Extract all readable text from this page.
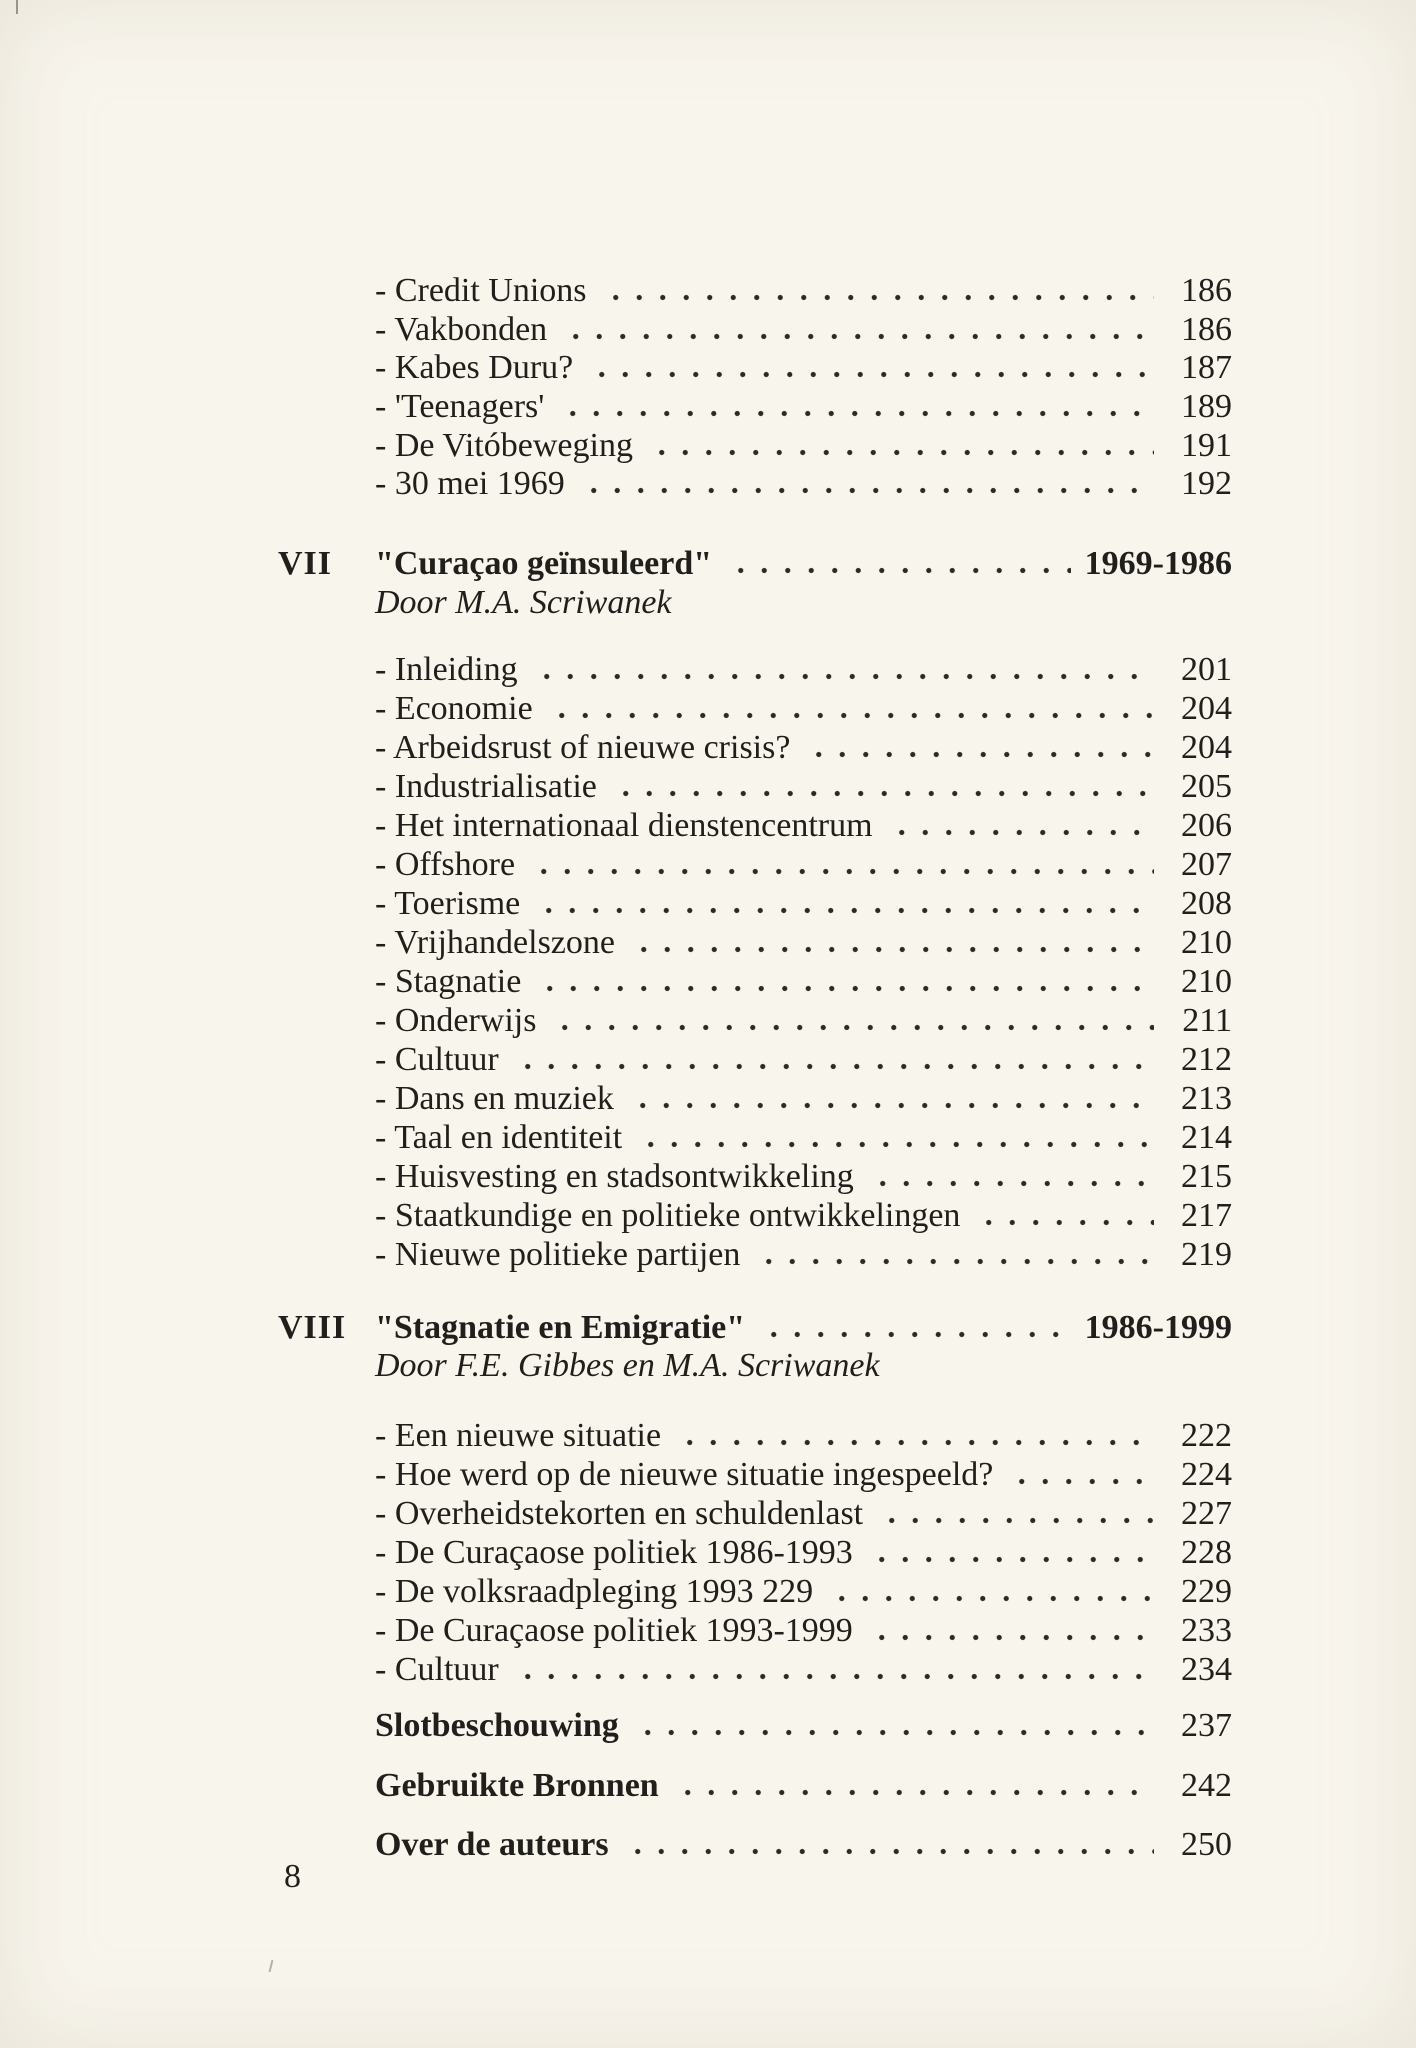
- Credit Unions	186
- Vakbonden	186
- Kabes Duru?	187
- 'Teenagers'	189
- De Vitóbeweging	191
- 30 mei 1969	192
VII	"Curaçao geïnsuleerd"	1969-1986
Door M.A. Scriwanek
- Inleiding	201
- Economie	204
- Arbeidsrust of nieuwe crisis?	204
- Industrialisatie	205
- Het internationaal dienstencentrum	206
- Offshore	207
- Toerisme	208
- Vrijhandelszone	210
- Stagnatie	210
- Onderwijs	211
- Cultuur	212
- Dans en muziek	213
- Taal en identiteit	214
- Huisvesting en stadsontwikkeling	215
- Staatkundige en politieke ontwikkelingen	217
- Nieuwe politieke partijen	219
VIII "Stagnatie en Emigratie"	1986-1999
Door F.E. Gibbes en M.A. Scriwanek
- Een nieuwe situatie	222
- Hoe werd op de nieuwe situatie ingespeeld?	224
- Overheidstekorten en schuldenlast	227
- De Curaçaose politiek 1986-1993	228
- De volksraadpleging 1993 229	229
- De Curaçaose politiek 1993-1999	233
- Cultuur	234
Slotbeschouwing	237
Gebruikte Bronnen	242
Over de auteurs	250
8
